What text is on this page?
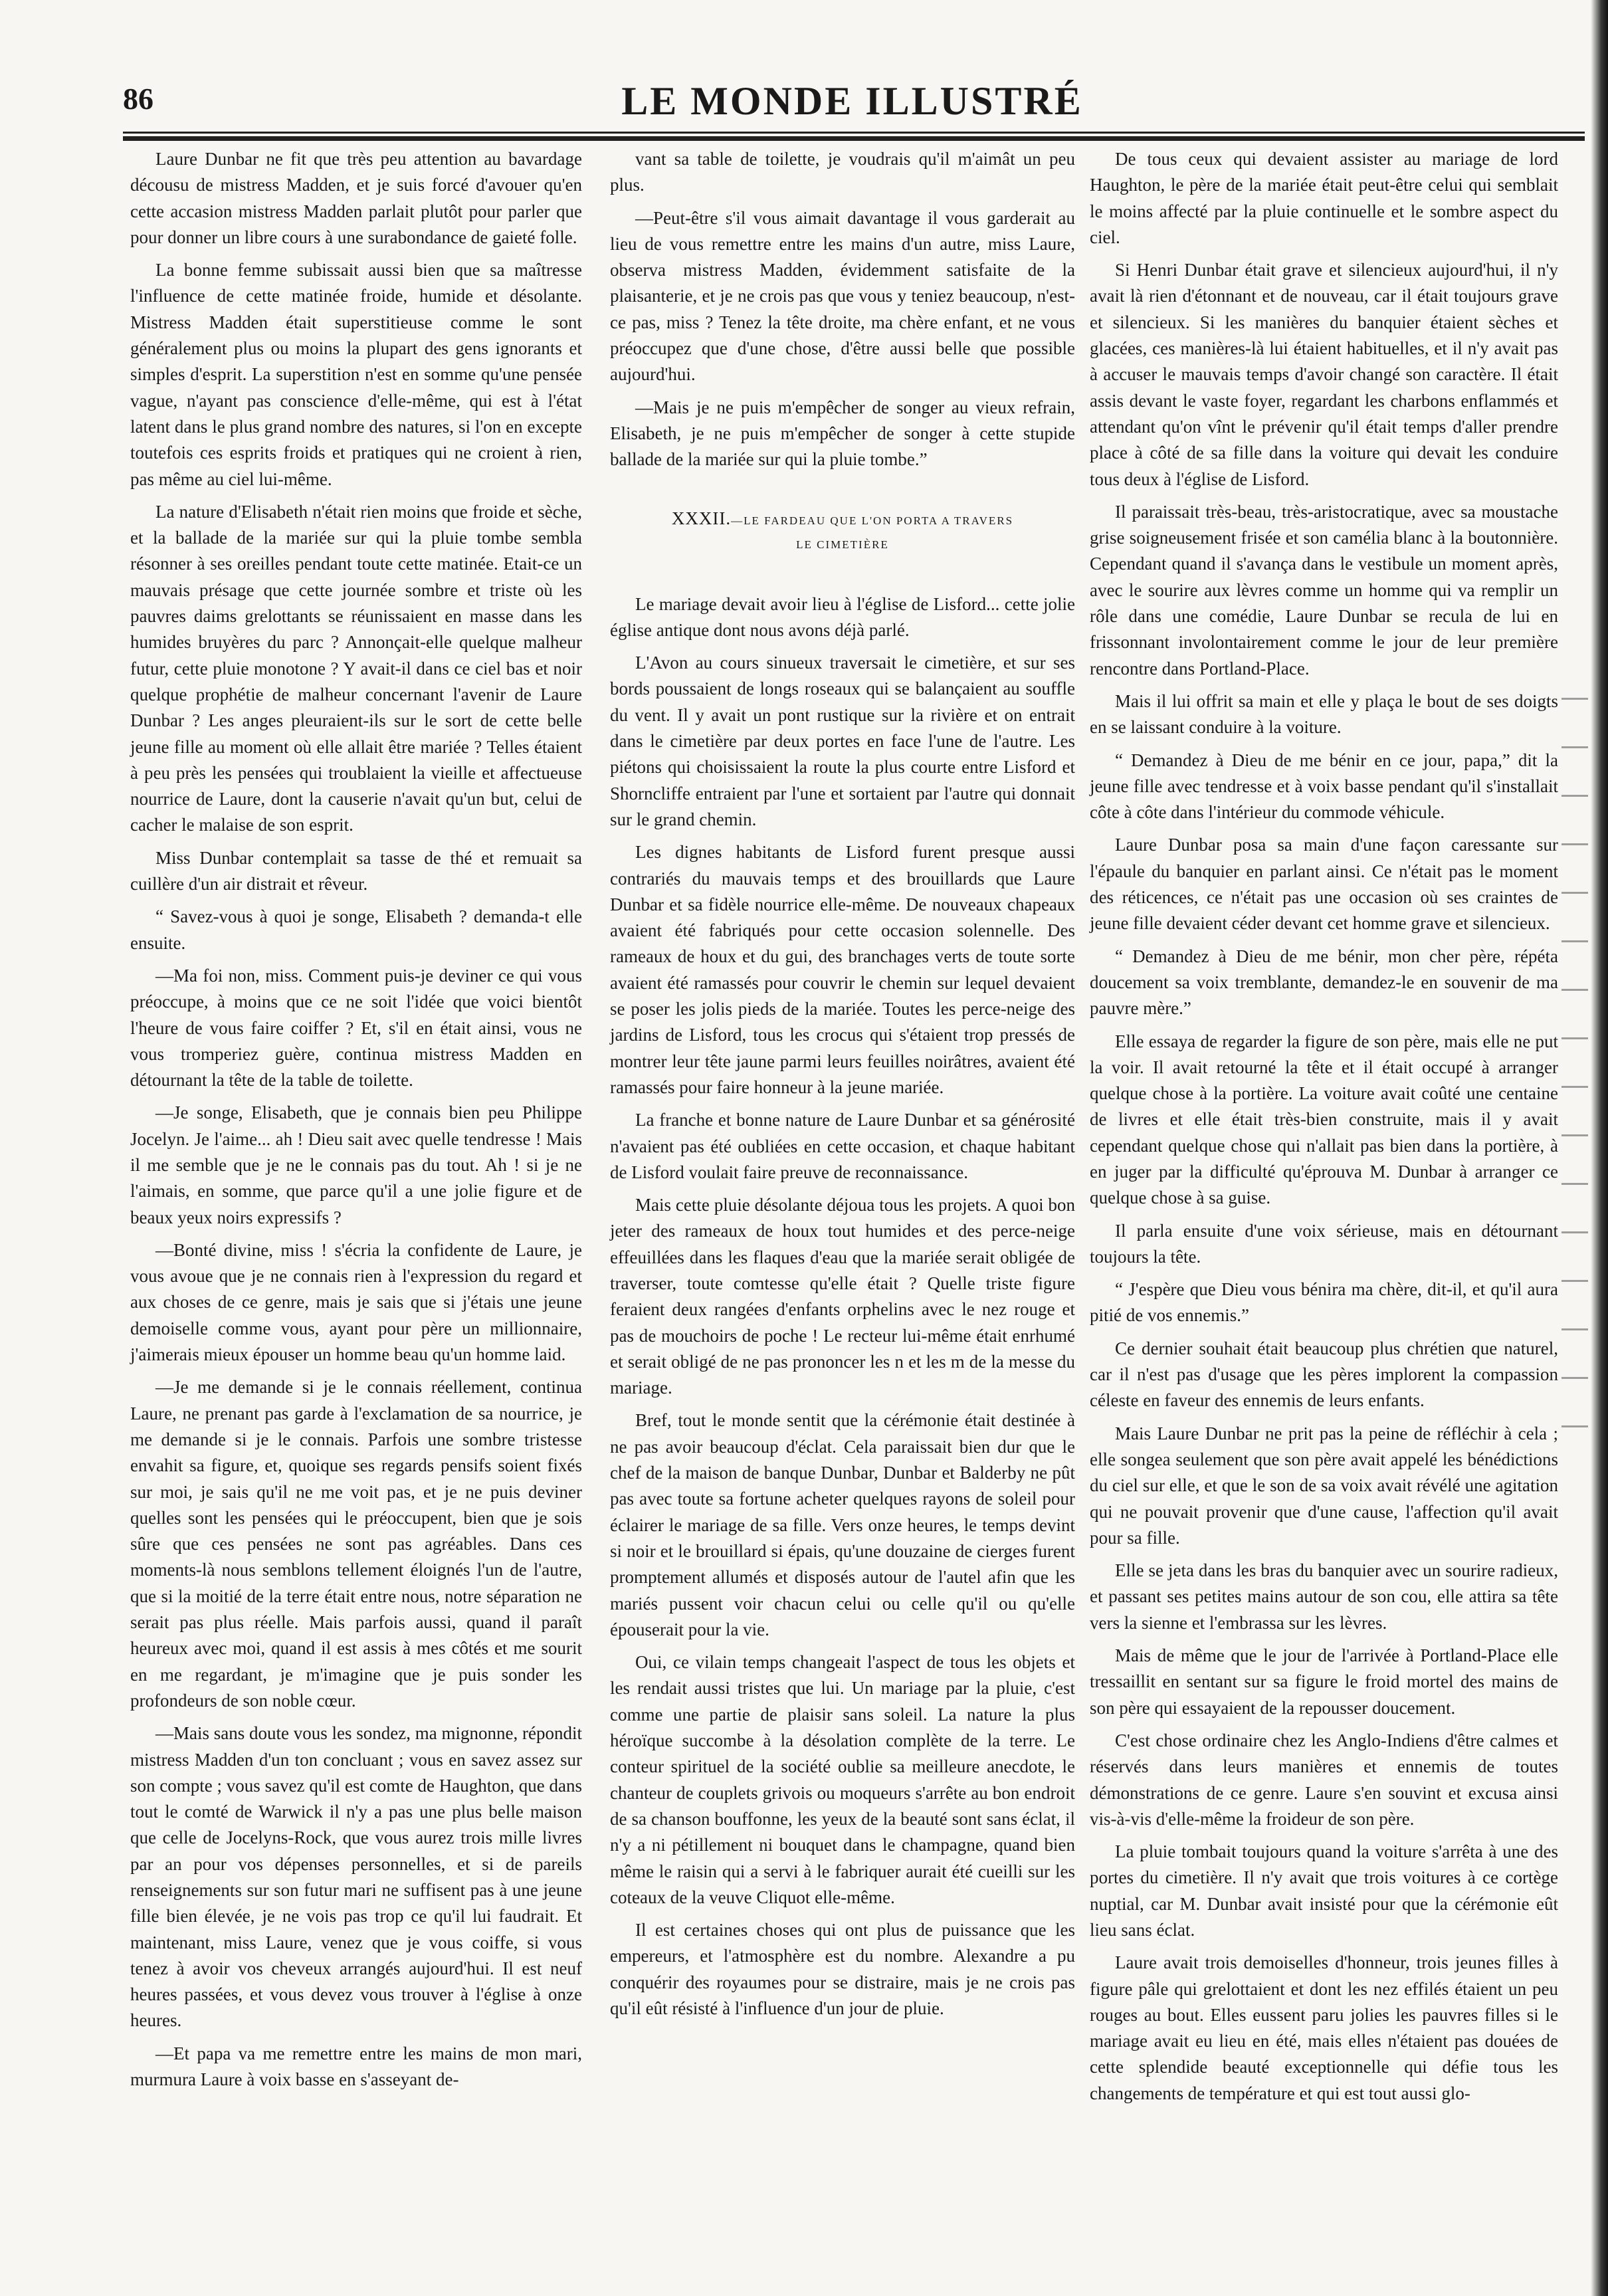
86	LE MONDE ILLUSTRÉ

Laure Dunbar ne fit que très peu attention au bavardage décousu de mistress Madden, et je suis forcé d'avouer qu'en cette accasion mistress Madden parlait plutôt pour parler que pour donner un libre cours à une surabondance de gaieté folle.

La bonne femme subissait aussi bien que sa maîtresse l'influence de cette matinée froide, humide et désolante. Mistress Madden était superstitieuse comme le sont généralement plus ou moins la plupart des gens ignorants et simples d'esprit. La superstition n'est en somme qu'une pensée vague, n'ayant pas conscience d'elle-même, qui est à l'état latent dans le plus grand nombre des natures, si l'on en excepte toutefois ces esprits froids et pratiques qui ne croient à rien, pas même au ciel lui-même.

La nature d'Elisabeth n'était rien moins que froide et sèche, et la ballade de la mariée sur qui la pluie tombe sembla résonner à ses oreilles pendant toute cette matinée. Etait-ce un mauvais présage que cette journée sombre et triste où les pauvres daims grelottants se réunissaient en masse dans les humides bruyères du parc ? Annonçait-elle quelque malheur futur, cette pluie monotone ? Y avait-il dans ce ciel bas et noir quelque prophétie de malheur concernant l'avenir de Laure Dunbar ? Les anges pleuraient-ils sur le sort de cette belle jeune fille au moment où elle allait être mariée ? Telles étaient à peu près les pensées qui troublaient la vieille et affectueuse nourrice de Laure, dont la causerie n'avait qu'un but, celui de cacher le malaise de son esprit.

Miss Dunbar contemplait sa tasse de thé et remuait sa cuillère d'un air distrait et rêveur.

“ Savez-vous à quoi je songe, Elisabeth ? demanda-t elle ensuite.

—Ma foi non, miss. Comment puis-je deviner ce qui vous préoccupe, à moins que ce ne soit l'idée que voici bientôt l'heure de vous faire coiffer ? Et, s'il en était ainsi, vous ne vous tromperiez guère, continua mistress Madden en détournant la tête de la table de toilette.

—Je songe, Elisabeth, que je connais bien peu Philippe Jocelyn. Je l'aime... ah ! Dieu sait avec quelle tendresse ! Mais il me semble que je ne le connais pas du tout. Ah ! si je ne l'aimais, en somme, que parce qu'il a une jolie figure et de beaux yeux noirs expressifs ?

—Bonté divine, miss ! s'écria la confidente de Laure, je vous avoue que je ne connais rien à l'expression du regard et aux choses de ce genre, mais je sais que si j'étais une jeune demoiselle comme vous, ayant pour père un millionnaire, j'aimerais mieux épouser un homme beau qu'un homme laid.

—Je me demande si je le connais réellement, continua Laure, ne prenant pas garde à l'exclamation de sa nourrice, je me demande si je le connais. Parfois une sombre tristesse envahit sa figure, et, quoique ses regards pensifs soient fixés sur moi, je sais qu'il ne me voit pas, et je ne puis deviner quelles sont les pensées qui le préoccupent, bien que je sois sûre que ces pensées ne sont pas agréables. Dans ces moments-là nous semblons tellement éloignés l'un de l'autre, que si la moitié de la terre était entre nous, notre séparation ne serait pas plus réelle. Mais parfois aussi, quand il paraît heureux avec moi, quand il est assis à mes côtés et me sourit en me regardant, je m'imagine que je puis sonder les profondeurs de son noble cœur.

—Mais sans doute vous les sondez, ma mignonne, répondit mistress Madden d'un ton concluant ; vous en savez assez sur son compte ; vous savez qu'il est comte de Haughton, que dans tout le comté de Warwick il n'y a pas une plus belle maison que celle de Jocelyns-Rock, que vous aurez trois mille livres par an pour vos dépenses personnelles, et si de pareils renseignements sur son futur mari ne suffisent pas à une jeune fille bien élevée, je ne vois pas trop ce qu'il lui faudrait. Et maintenant, miss Laure, venez que je vous coiffe, si vous tenez à avoir vos cheveux arrangés aujourd'hui. Il est neuf heures passées, et vous devez vous trouver à l'église à onze heures.

—Et papa va me remettre entre les mains de mon mari, murmura Laure à voix basse en s'asseyant de-

vant sa table de toilette, je voudrais qu'il m'aimât un peu plus.

—Peut-être s'il vous aimait davantage il vous garderait au lieu de vous remettre entre les mains d'un autre, miss Laure, observa mistress Madden, évidemment satisfaite de la plaisanterie, et je ne crois pas que vous y teniez beaucoup, n'est-ce pas, miss ? Tenez la tête droite, ma chère enfant, et ne vous préoccupez que d'une chose, d'être aussi belle que possible aujourd'hui.

—Mais je ne puis m'empêcher de songer au vieux refrain, Elisabeth, je ne puis m'empêcher de songer à cette stupide ballade de la mariée sur qui la pluie tombe.”

XXXII.—LE FARDEAU QUE L'ON PORTA A TRAVERS
LE CIMETIÈRE

Le mariage devait avoir lieu à l'église de Lisford... cette jolie église antique dont nous avons déjà parlé.

L'Avon au cours sinueux traversait le cimetière, et sur ses bords poussaient de longs roseaux qui se balançaient au souffle du vent. Il y avait un pont rustique sur la rivière et on entrait dans le cimetière par deux portes en face l'une de l'autre. Les piétons qui choisissaient la route la plus courte entre Lisford et Shorncliffe entraient par l'une et sortaient par l'autre qui donnait sur le grand chemin.

Les dignes habitants de Lisford furent presque aussi contrariés du mauvais temps et des brouillards que Laure Dunbar et sa fidèle nourrice elle-même. De nouveaux chapeaux avaient été fabriqués pour cette occasion solennelle. Des rameaux de houx et du gui, des branchages verts de toute sorte avaient été ramassés pour couvrir le chemin sur lequel devaient se poser les jolis pieds de la mariée. Toutes les perce-neige des jardins de Lisford, tous les crocus qui s'étaient trop pressés de montrer leur tête jaune parmi leurs feuilles noirâtres, avaient été ramassés pour faire honneur à la jeune mariée.

La franche et bonne nature de Laure Dunbar et sa générosité n'avaient pas été oubliées en cette occasion, et chaque habitant de Lisford voulait faire preuve de reconnaissance.

Mais cette pluie désolante déjoua tous les projets. A quoi bon jeter des rameaux de houx tout humides et des perce-neige effeuillées dans les flaques d'eau que la mariée serait obligée de traverser, toute comtesse qu'elle était ? Quelle triste figure feraient deux rangées d'enfants orphelins avec le nez rouge et pas de mouchoirs de poche ! Le recteur lui-même était enrhumé et serait obligé de ne pas prononcer les n et les m de la messe du mariage.

Bref, tout le monde sentit que la cérémonie était destinée à ne pas avoir beaucoup d'éclat. Cela paraissait bien dur que le chef de la maison de banque Dunbar, Dunbar et Balderby ne pût pas avec toute sa fortune acheter quelques rayons de soleil pour éclairer le mariage de sa fille. Vers onze heures, le temps devint si noir et le brouillard si épais, qu'une douzaine de cierges furent promptement allumés et disposés autour de l'autel afin que les mariés pussent voir chacun celui ou celle qu'il ou qu'elle épouserait pour la vie.

Oui, ce vilain temps changeait l'aspect de tous les objets et les rendait aussi tristes que lui. Un mariage par la pluie, c'est comme une partie de plaisir sans soleil. La nature la plus héroïque succombe à la désolation complète de la terre. Le conteur spirituel de la société oublie sa meilleure anecdote, le chanteur de couplets grivois ou moqueurs s'arrête au bon endroit de sa chanson bouffonne, les yeux de la beauté sont sans éclat, il n'y a ni pétillement ni bouquet dans le champagne, quand bien même le raisin qui a servi à le fabriquer aurait été cueilli sur les coteaux de la veuve Cliquot elle-même.

Il est certaines choses qui ont plus de puissance que les empereurs, et l'atmosphère est du nombre. Alexandre a pu conquérir des royaumes pour se distraire, mais je ne crois pas qu'il eût résisté à l'influence d'un jour de pluie.

De tous ceux qui devaient assister au mariage de lord Haughton, le père de la mariée était peut-être celui qui semblait le moins affecté par la pluie continuelle et le sombre aspect du ciel.

Si Henri Dunbar était grave et silencieux aujourd'hui, il n'y avait là rien d'étonnant et de nouveau, car il était toujours grave et silencieux. Si les manières du banquier étaient sèches et glacées, ces manières-là lui étaient habituelles, et il n'y avait pas à accuser le mauvais temps d'avoir changé son caractère. Il était assis devant le vaste foyer, regardant les charbons enflammés et attendant qu'on vînt le prévenir qu'il était temps d'aller prendre place à côté de sa fille dans la voiture qui devait les conduire tous deux à l'église de Lisford.

Il paraissait très-beau, très-aristocratique, avec sa moustache grise soigneusement frisée et son camélia blanc à la boutonnière. Cependant quand il s'avança dans le vestibule un moment après, avec le sourire aux lèvres comme un homme qui va remplir un rôle dans une comédie, Laure Dunbar se recula de lui en frissonnant involontairement comme le jour de leur première rencontre dans Portland-Place.

Mais il lui offrit sa main et elle y plaça le bout de ses doigts en se laissant conduire à la voiture.

“ Demandez à Dieu de me bénir en ce jour, papa,” dit la jeune fille avec tendresse et à voix basse pendant qu'il s'installait côte à côte dans l'intérieur du commode véhicule.

Laure Dunbar posa sa main d'une façon caressante sur l'épaule du banquier en parlant ainsi. Ce n'était pas le moment des réticences, ce n'était pas une occasion où ses craintes de jeune fille devaient céder devant cet homme grave et silencieux.

“ Demandez à Dieu de me bénir, mon cher père, répéta doucement sa voix tremblante, demandez-le en souvenir de ma pauvre mère.”

Elle essaya de regarder la figure de son père, mais elle ne put la voir. Il avait retourné la tête et il était occupé à arranger quelque chose à la portière. La voiture avait coûté une centaine de livres et elle était très-bien construite, mais il y avait cependant quelque chose qui n'allait pas bien dans la portière, à en juger par la difficulté qu'éprouva M. Dunbar à arranger ce quelque chose à sa guise.

Il parla ensuite d'une voix sérieuse, mais en détournant toujours la tête.

“ J'espère que Dieu vous bénira ma chère, dit-il, et qu'il aura pitié de vos ennemis.”

Ce dernier souhait était beaucoup plus chrétien que naturel, car il n'est pas d'usage que les pères implorent la compassion céleste en faveur des ennemis de leurs enfants.

Mais Laure Dunbar ne prit pas la peine de réfléchir à cela ; elle songea seulement que son père avait appelé les bénédictions du ciel sur elle, et que le son de sa voix avait révélé une agitation qui ne pouvait provenir que d'une cause, l'affection qu'il avait pour sa fille.

Elle se jeta dans les bras du banquier avec un sourire radieux, et passant ses petites mains autour de son cou, elle attira sa tête vers la sienne et l'embrassa sur les lèvres.

Mais de même que le jour de l'arrivée à Portland-Place elle tressaillit en sentant sur sa figure le froid mortel des mains de son père qui essayaient de la repousser doucement.

C'est chose ordinaire chez les Anglo-Indiens d'être calmes et réservés dans leurs manières et ennemis de toutes démonstrations de ce genre. Laure s'en souvint et excusa ainsi vis-à-vis d'elle-même la froideur de son père.

La pluie tombait toujours quand la voiture s'arrêta à une des portes du cimetière. Il n'y avait que trois voitures à ce cortège nuptial, car M. Dunbar avait insisté pour que la cérémonie eût lieu sans éclat.

Laure avait trois demoiselles d'honneur, trois jeunes filles à figure pâle qui grelottaient et dont les nez effilés étaient un peu rouges au bout. Elles eussent paru jolies les pauvres filles si le mariage avait eu lieu en été, mais elles n'étaient pas douées de cette splendide beauté exceptionnelle qui défie tous les changements de température et qui est tout aussi glo-
